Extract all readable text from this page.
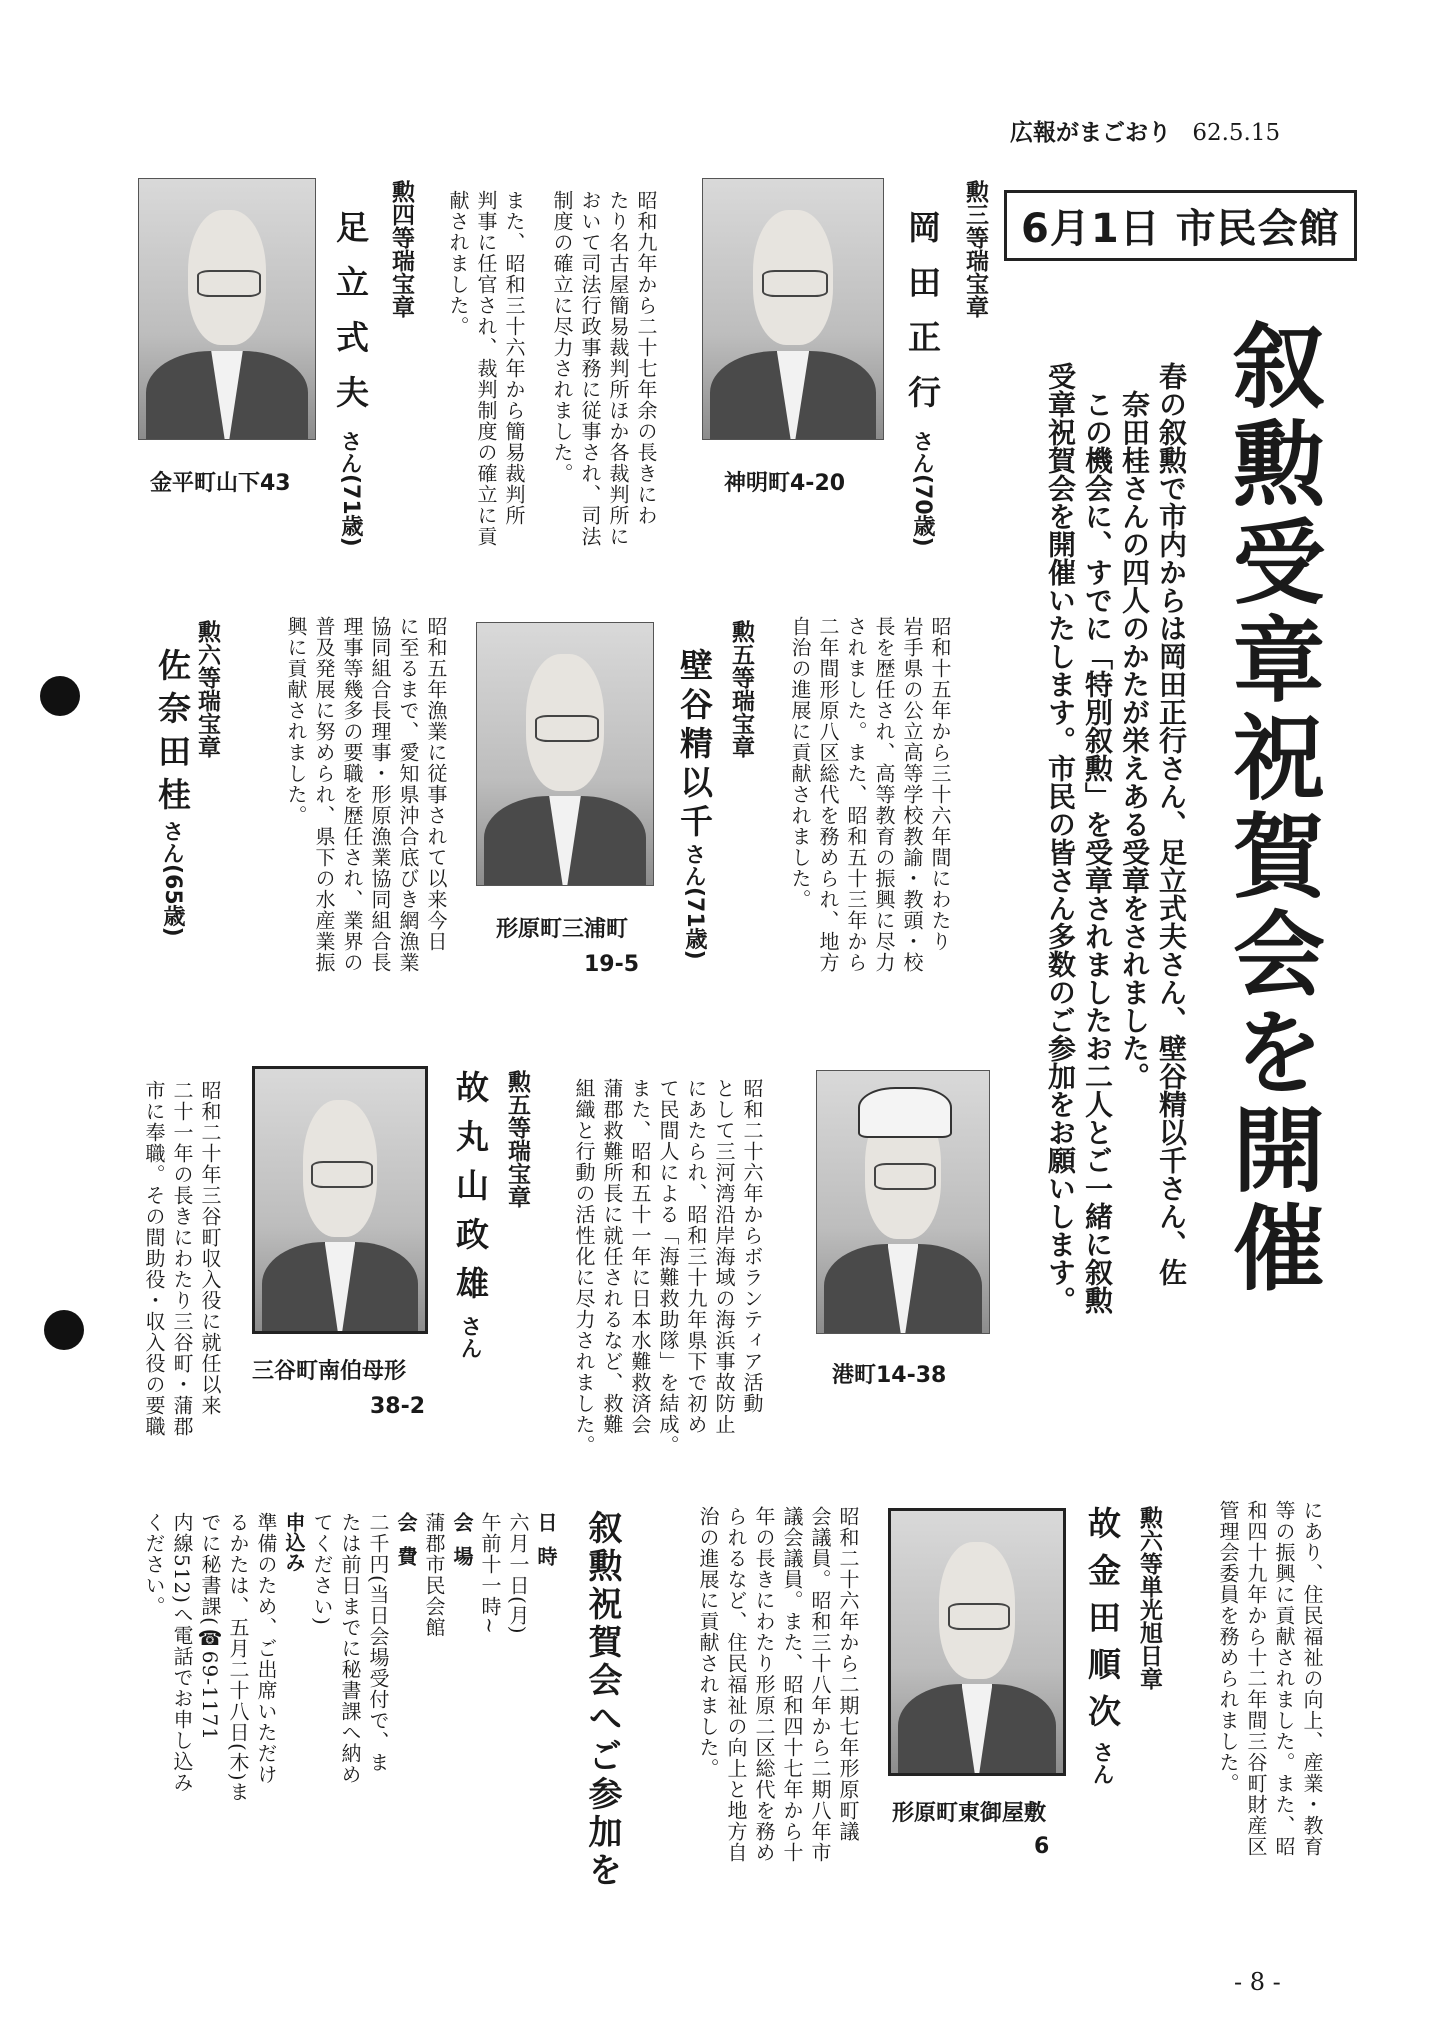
広報がまごおり 62.5.15
6月1日 市民会館
叙勲受章祝賀会を開催
春の叙勲で市内からは岡田正行さん、足立式夫さん、壁谷精以千さん、佐
奈田桂さんの四人のかたが栄えある受章をされました。
この機会に、すでに「特別叙勲」を受章されましたお二人とご一緒に叙勲
受章祝賀会を開催いたします。市民の皆さん多数のご参加をお願いします。
勲三等瑞宝章
岡田正行さん(70歳)
神明町4-20
昭和九年から二十七年余の長きにわ
たり名古屋簡易裁判所ほか各裁判所に
おいて司法行政事務に従事され、司法
制度の確立に尽力されました。
また、昭和三十六年から簡易裁判所
判事に任官され、裁判制度の確立に貢
献されました。
勲四等瑞宝章
足立式夫さん(71歳)
金平町山下43
昭和十五年から三十六年間にわたり
岩手県の公立高等学校教諭・教頭・校
長を歴任され、高等教育の振興に尽力
されました。また、昭和五十三年から
二年間形原八区総代を務められ、地方
自治の進展に貢献されました。
勲五等瑞宝章
壁谷精以千さん(71歳)
形原町三浦町
19-5
昭和五年漁業に従事されて以来今日
に至るまで、愛知県沖合底びき網漁業
協同組合長理事・形原漁業協同組合長
理事等幾多の要職を歴任され、業界の
普及発展に努められ、県下の水産業振
興に貢献されました。
勲六等瑞宝章
佐奈田桂さん(65歳)
昭和二十六年からボランティア活動
として三河湾沿岸海域の海浜事故防止
にあたられ、昭和三十九年県下で初め
て民間人による「海難救助隊」を結成。
また、昭和五十一年に日本水難救済会
蒲郡救難所長に就任されるなど、救難
組織と行動の活性化に尽力されました。	港町14-38
勲五等瑞宝章
故丸山政雄さん
三谷町南伯母形
38-2
昭和二十年三谷町収入役に就任以来
二十一年の長きにわたり三谷町・蒲郡
市に奉職。その間助役・収入役の要職
にあり、住民福祉の向上、産業・教育
等の振興に貢献されました。また、昭
和四十九年から十二年間三谷町財産区
管理会委員を務められました。
勲六等単光旭日章
故金田順次さん
形原町東御屋敷
6
昭和二十六年から二期七年形原町議
会議員。昭和三十八年から二期八年市
議会議員。また、昭和四十七年から十
年の長きにわたり形原二区総代を務め
られるなど、住民福祉の向上と地方自
治の進展に貢献されました。
叙勲祝賀会へご参加を
日時
六月一日(月)
午前十一時~
会場
蒲郡市民会館
会費
二千円(当日会場受付で、ま
たは前日までに秘書課へ納め
てください)
申込み
準備のため、ご出席いただけ
るかたは、五月二十八日(木)ま
でに秘書課(☎69-1171
内線512)へ電話でお申し込み
ください。
- 8 -
